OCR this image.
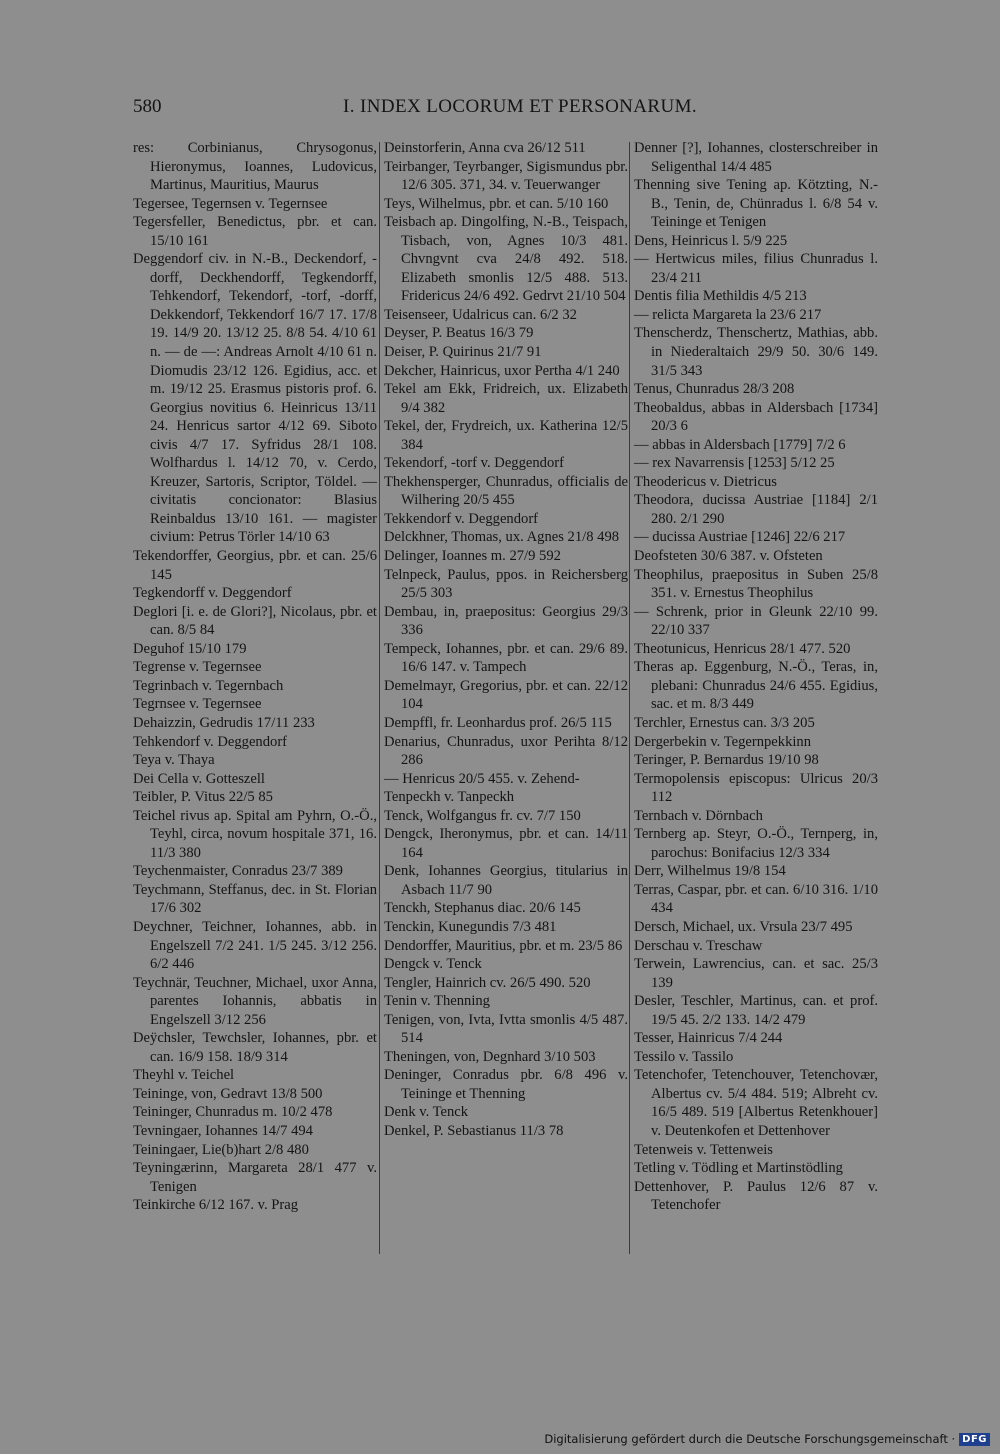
580	I. INDEX LOCORUM ET PERSONARUM.

res: Corbinianus, Chrysogonus, Hieronymus, Ioannes, Ludovicus, Martinus, Mauritius, Maurus

Tegersee, Tegernsen v. Tegernsee

Tegersfeller, Benedictus, pbr. et can. 15/10 161

Deggendorf civ. in N.-B., Deckendorf, -dorff, Deckhendorff, Tegkendorff, Tehkendorf, Tekendorf, -torf, -dorff, Dekkendorf, Tekkendorf 16/7 17. 17/8 19. 14/9 20. 13/12 25. 8/8 54. 4/10 61 n. — de —: Andreas Arnolt 4/10 61 n. Diomudis 23/12 126. Egidius, acc. et m. 19/12 25. Erasmus pistoris prof. 6. Georgius novitius 6. Heinricus 13/11 24. Henricus sartor 4/12 69. Siboto civis 4/7 17. Syfridus 28/1 108. Wolfhardus l. 14/12 70, v. Cerdo, Kreuzer, Sartoris, Scriptor, Töldel. — civitatis concionator: Blasius Reinbaldus 13/10 161. — magister civium: Petrus Törler 14/10 63

Tekendorffer, Georgius, pbr. et can. 25/6 145

Tegkendorff v. Deggendorf

Deglori [i. e. de Glori?], Nicolaus, pbr. et can. 8/5 84

Deguhof 15/10 179

Tegrense v. Tegernsee

Tegrinbach v. Tegernbach

Tegrnsee v. Tegernsee

Dehaizzin, Gedrudis 17/11 233

Tehkendorf v. Deggendorf

Teya v. Thaya

Dei Cella v. Gotteszell

Teibler, P. Vitus 22/5 85

Teichel rivus ap. Spital am Pyhrn, O.-Ö., Teyhl, circa, novum hospitale 371, 16. 11/3 380

Teychenmaister, Conradus 23/7 389

Teychmann, Steffanus, dec. in St. Florian 17/6 302

Deychner, Teichner, Iohannes, abb. in Engelszell 7/2 241. 1/5 245. 3/12 256. 6/2 446

Teychnär, Teuchner, Michael, uxor Anna, parentes Iohannis, abbatis in Engelszell 3/12 256

Deÿchsler, Tewchsler, Iohannes, pbr. et can. 16/9 158. 18/9 314

Theyhl v. Teichel

Teininge, von, Gedravt 13/8 500

Teininger, Chunradus m. 10/2 478

Tevningaer, Iohannes 14/7 494

Teiningaer, Lie(b)hart 2/8 480

Teyningærinn, Margareta 28/1 477 v. Tenigen

Teinkirche 6/12 167. v. Prag

Deinstorferin, Anna cva 26/12 511

Teirbanger, Teyrbanger, Sigismundus pbr. 12/6 305. 371, 34. v. Teuerwanger

Teys, Wilhelmus, pbr. et can. 5/10 160

Teisbach ap. Dingolfing, N.-B., Teispach, Tisbach, von, Agnes 10/3 481. Chvngvnt cva 24/8 492. 518. Elizabeth smonlis 12/5 488. 513. Fridericus 24/6 492. Gedrvt 21/10 504

Teisenseer, Udalricus can. 6/2 32

Deyser, P. Beatus 16/3 79

Deiser, P. Quirinus 21/7 91

Dekcher, Hainricus, uxor Pertha 4/1 240

Tekel am Ekk, Fridreich, ux. Elizabeth 9/4 382

Tekel, der, Frydreich, ux. Katherina 12/5 384

Tekendorf, -torf v. Deggendorf

Thekhensperger, Chunradus, officialis de Wilhering 20/5 455

Tekkendorf v. Deggendorf

Delckhner, Thomas, ux. Agnes 21/8 498

Delinger, Ioannes m. 27/9 592

Telnpeck, Paulus, ppos. in Reichersberg 25/5 303

Dembau, in, praepositus: Georgius 29/3 336

Tempeck, Iohannes, pbr. et can. 29/6 89. 16/6 147. v. Tampech

Demelmayr, Gregorius, pbr. et can. 22/12 104

Dempffl, fr. Leonhardus prof. 26/5 115

Denarius, Chunradus, uxor Perihta 8/12 286

— Henricus 20/5 455. v. Zehend-

Tenpeckh v. Tanpeckh

Tenck, Wolfgangus fr. cv. 7/7 150

Dengck, Iheronymus, pbr. et can. 14/11 164

Denk, Iohannes Georgius, titularius in Asbach 11/7 90

Tenckh, Stephanus diac. 20/6 145

Tenckin, Kunegundis 7/3 481

Dendorffer, Mauritius, pbr. et m. 23/5 86

Dengck v. Tenck

Tengler, Hainrich cv. 26/5 490. 520

Tenin v. Thenning

Tenigen, von, Ivta, Ivtta smonlis 4/5 487. 514

Theningen, von, Degnhard 3/10 503

Deninger, Conradus pbr. 6/8 496 v. Teininge et Thenning

Denk v. Tenck

Denkel, P. Sebastianus 11/3 78

Denner [?], Iohannes, closterschreiber in Seligenthal 14/4 485

Thenning sive Tening ap. Kötzting, N.-B., Tenin, de, Chünradus l. 6/8 54 v. Teininge et Tenigen

Dens, Heinricus l. 5/9 225

— Hertwicus miles, filius Chunradus l. 23/4 211

Dentis filia Methildis 4/5 213

— relicta Margareta la 23/6 217

Thenscherdz, Thenschertz, Mathias, abb. in Niederaltaich 29/9 50. 30/6 149. 31/5 343

Tenus, Chunradus 28/3 208

Theobaldus, abbas in Aldersbach [1734] 20/3 6

— abbas in Aldersbach [1779] 7/2 6

— rex Navarrensis [1253] 5/12 25

Theodericus v. Dietricus

Theodora, ducissa Austriae [1184] 2/1 280. 2/1 290

— ducissa Austriae [1246] 22/6 217

Deofsteten 30/6 387. v. Ofsteten

Theophilus, praepositus in Suben 25/8 351. v. Ernestus Theophilus

— Schrenk, prior in Gleunk 22/10 99. 22/10 337

Theotunicus, Henricus 28/1 477. 520

Theras ap. Eggenburg, N.-Ö., Teras, in, plebani: Chunradus 24/6 455. Egidius, sac. et m. 8/3 449

Terchler, Ernestus can. 3/3 205

Dergerbekin v. Tegernpekkinn

Teringer, P. Bernardus 19/10 98

Termopolensis episcopus: Ulricus 20/3 112

Ternbach v. Dörnbach

Ternberg ap. Steyr, O.-Ö., Ternperg, in, parochus: Bonifacius 12/3 334

Derr, Wilhelmus 19/8 154

Terras, Caspar, pbr. et can. 6/10 316. 1/10 434

Dersch, Michael, ux. Vrsula 23/7 495

Derschau v. Treschaw

Terwein, Lawrencius, can. et sac. 25/3 139

Desler, Teschler, Martinus, can. et prof. 19/5 45. 2/2 133. 14/2 479

Tesser, Hainricus 7/4 244

Tessilo v. Tassilo

Tetenchofer, Tetenchouver, Tetenchovær, Albertus cv. 5/4 484. 519; Albreht cv. 16/5 489. 519 [Albertus Retenkhouer] v. Deutenkofen et Dettenhover

Tetenweis v. Tettenweis

Tetling v. Tödling et Martinstödling

Dettenhover, P. Paulus 12/6 87 v. Tetenchofer

Digitalisierung gefördert durch die Deutsche Forschungsgemeinschaft · DFG
